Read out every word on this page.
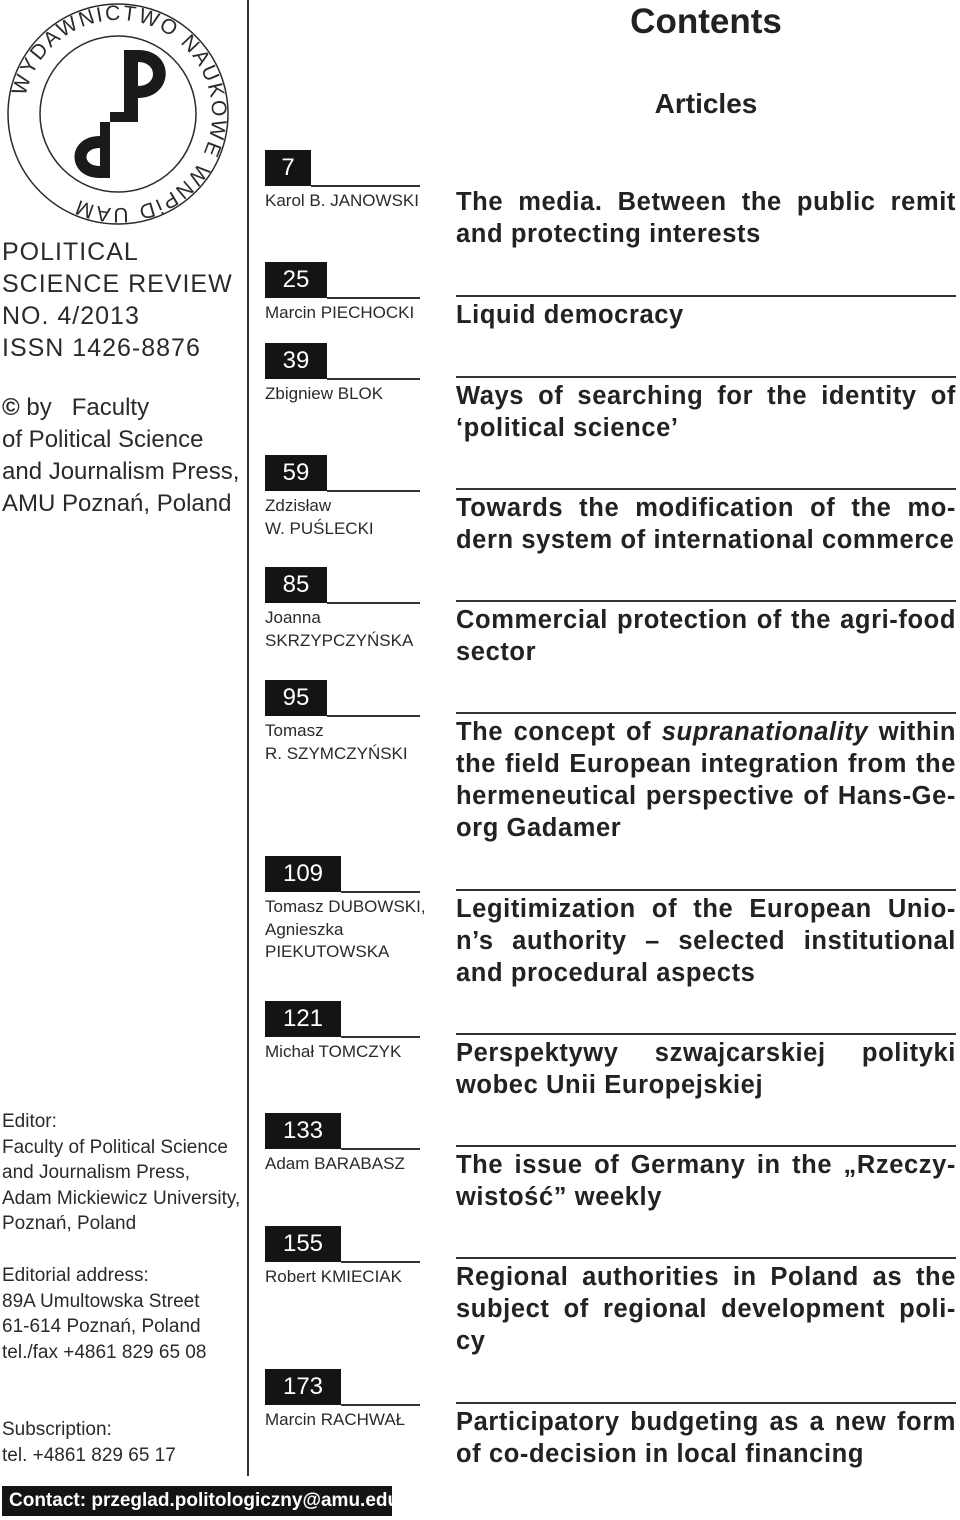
WYDAWNICTWO NAUKOWE WNPiD UAM
POLITICAL
SCIENCE REVIEW
NO. 4/2013
ISSN 1426-8876
© by   Faculty
of Political Science
and Journalism Press,
AMU Poznań, Poland
Editor:
Faculty of Political Science
and Journalism Press,
Adam Mickiewicz University,
Poznań, Poland
Editorial address:
89A Umultowska Street
61-614 Poznań, Poland
tel./fax +4861 829 65 08
Subscription:
tel. +4861 829 65 17
Contact: przeglad.politologiczny@amu.edu.pl
Contents
Articles
7
Karol B. JANOWSKI
25
Marcin PIECHOCKI
39
Zbigniew BLOK
59
Zdzisław
W. PUŚLECKI
85
Joanna
SKRZYPCZYŃSKA
95
Tomasz
R. SZYMCZYŃSKI
109
Tomasz DUBOWSKI,
Agnieszka
PIEKUTOWSKA
121
Michał TOMCZYK
133
Adam BARABASZ
155
Robert KMIECIAK
173
Marcin RACHWAŁ
The media. Between the public remit
and protecting interests
Liquid democracy
Ways of searching for the identity of
‘political science’
Towards the modification of the mo-
dern system of international commerce
Commercial protection of the agri-food
sector
The concept of supranationality within
the field European integration from the
hermeneutical perspective of Hans-Ge-
org Gadamer
Legitimization of the European Unio-
n’s authority – selected institutional
and procedural aspects
Perspektywy szwajcarskiej polityki
wobec Unii Europejskiej
The issue of Germany in the „Rzeczy-
wistość” weekly
Regional authorities in Poland as the
subject of regional development poli-
cy
Participatory budgeting as a new form
of co-decision in local financing
